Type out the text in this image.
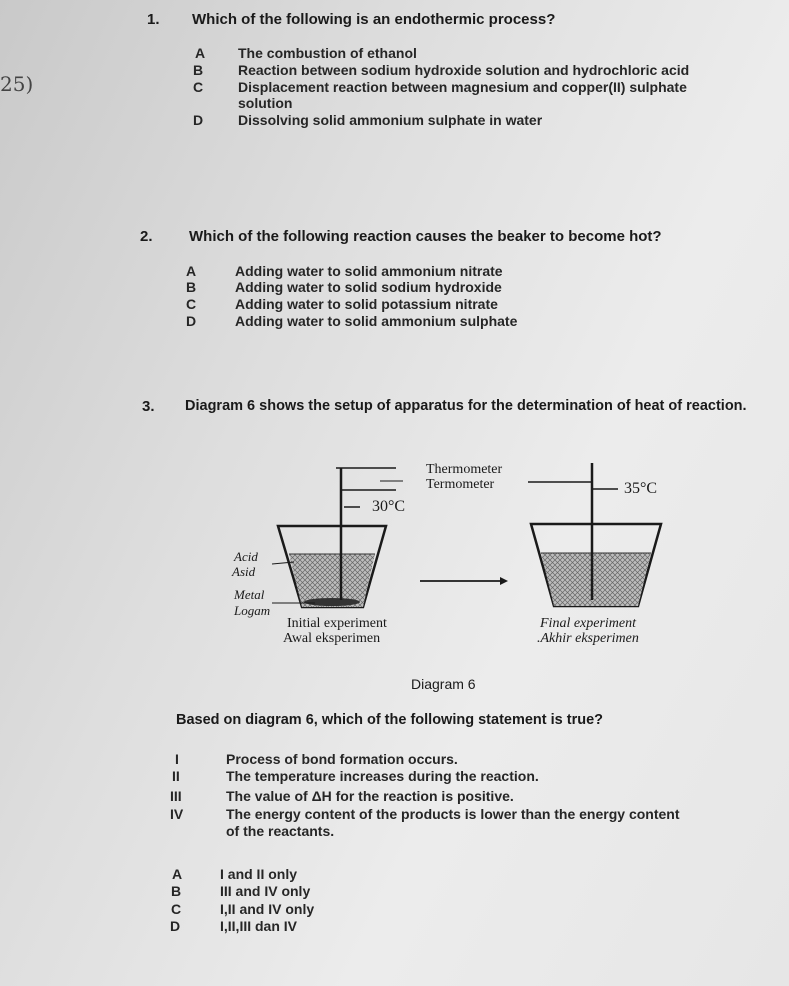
25)
1. Which of the following is an endothermic process?
A The combustion of ethanol
B Reaction between sodium hydroxide solution and hydrochloric acid
C Displacement reaction between magnesium and copper(II) sulphate
solution
D Dissolving solid ammonium sulphate in water
2. Which of the following reaction causes the beaker to become hot?
A	Adding water to solid ammonium nitrate
B	Adding water to solid sodium hydroxide
C	Adding water to solid potassium nitrate
D	Adding water to solid ammonium sulphate
3. Diagram 6 shows the setup of apparatus for the determination of heat of reaction.
Thermometer
Termometer
30°C
35°C
Acid
Asid
Metal
Logam
Initial experiment
Awal eksperimen
Final experiment
.Akhir eksperimen
Diagram 6
Based on diagram 6, which of the following statement is true?
I	Process of bond formation occurs.
II	The temperature increases during the reaction.
III	The value of ΔH for the reaction is positive.
IV	The energy content of the products is lower than the energy content
of the reactants.
A	I and II only
B	III and IV only
C	I,II and IV only
D	I,II,III dan IV
